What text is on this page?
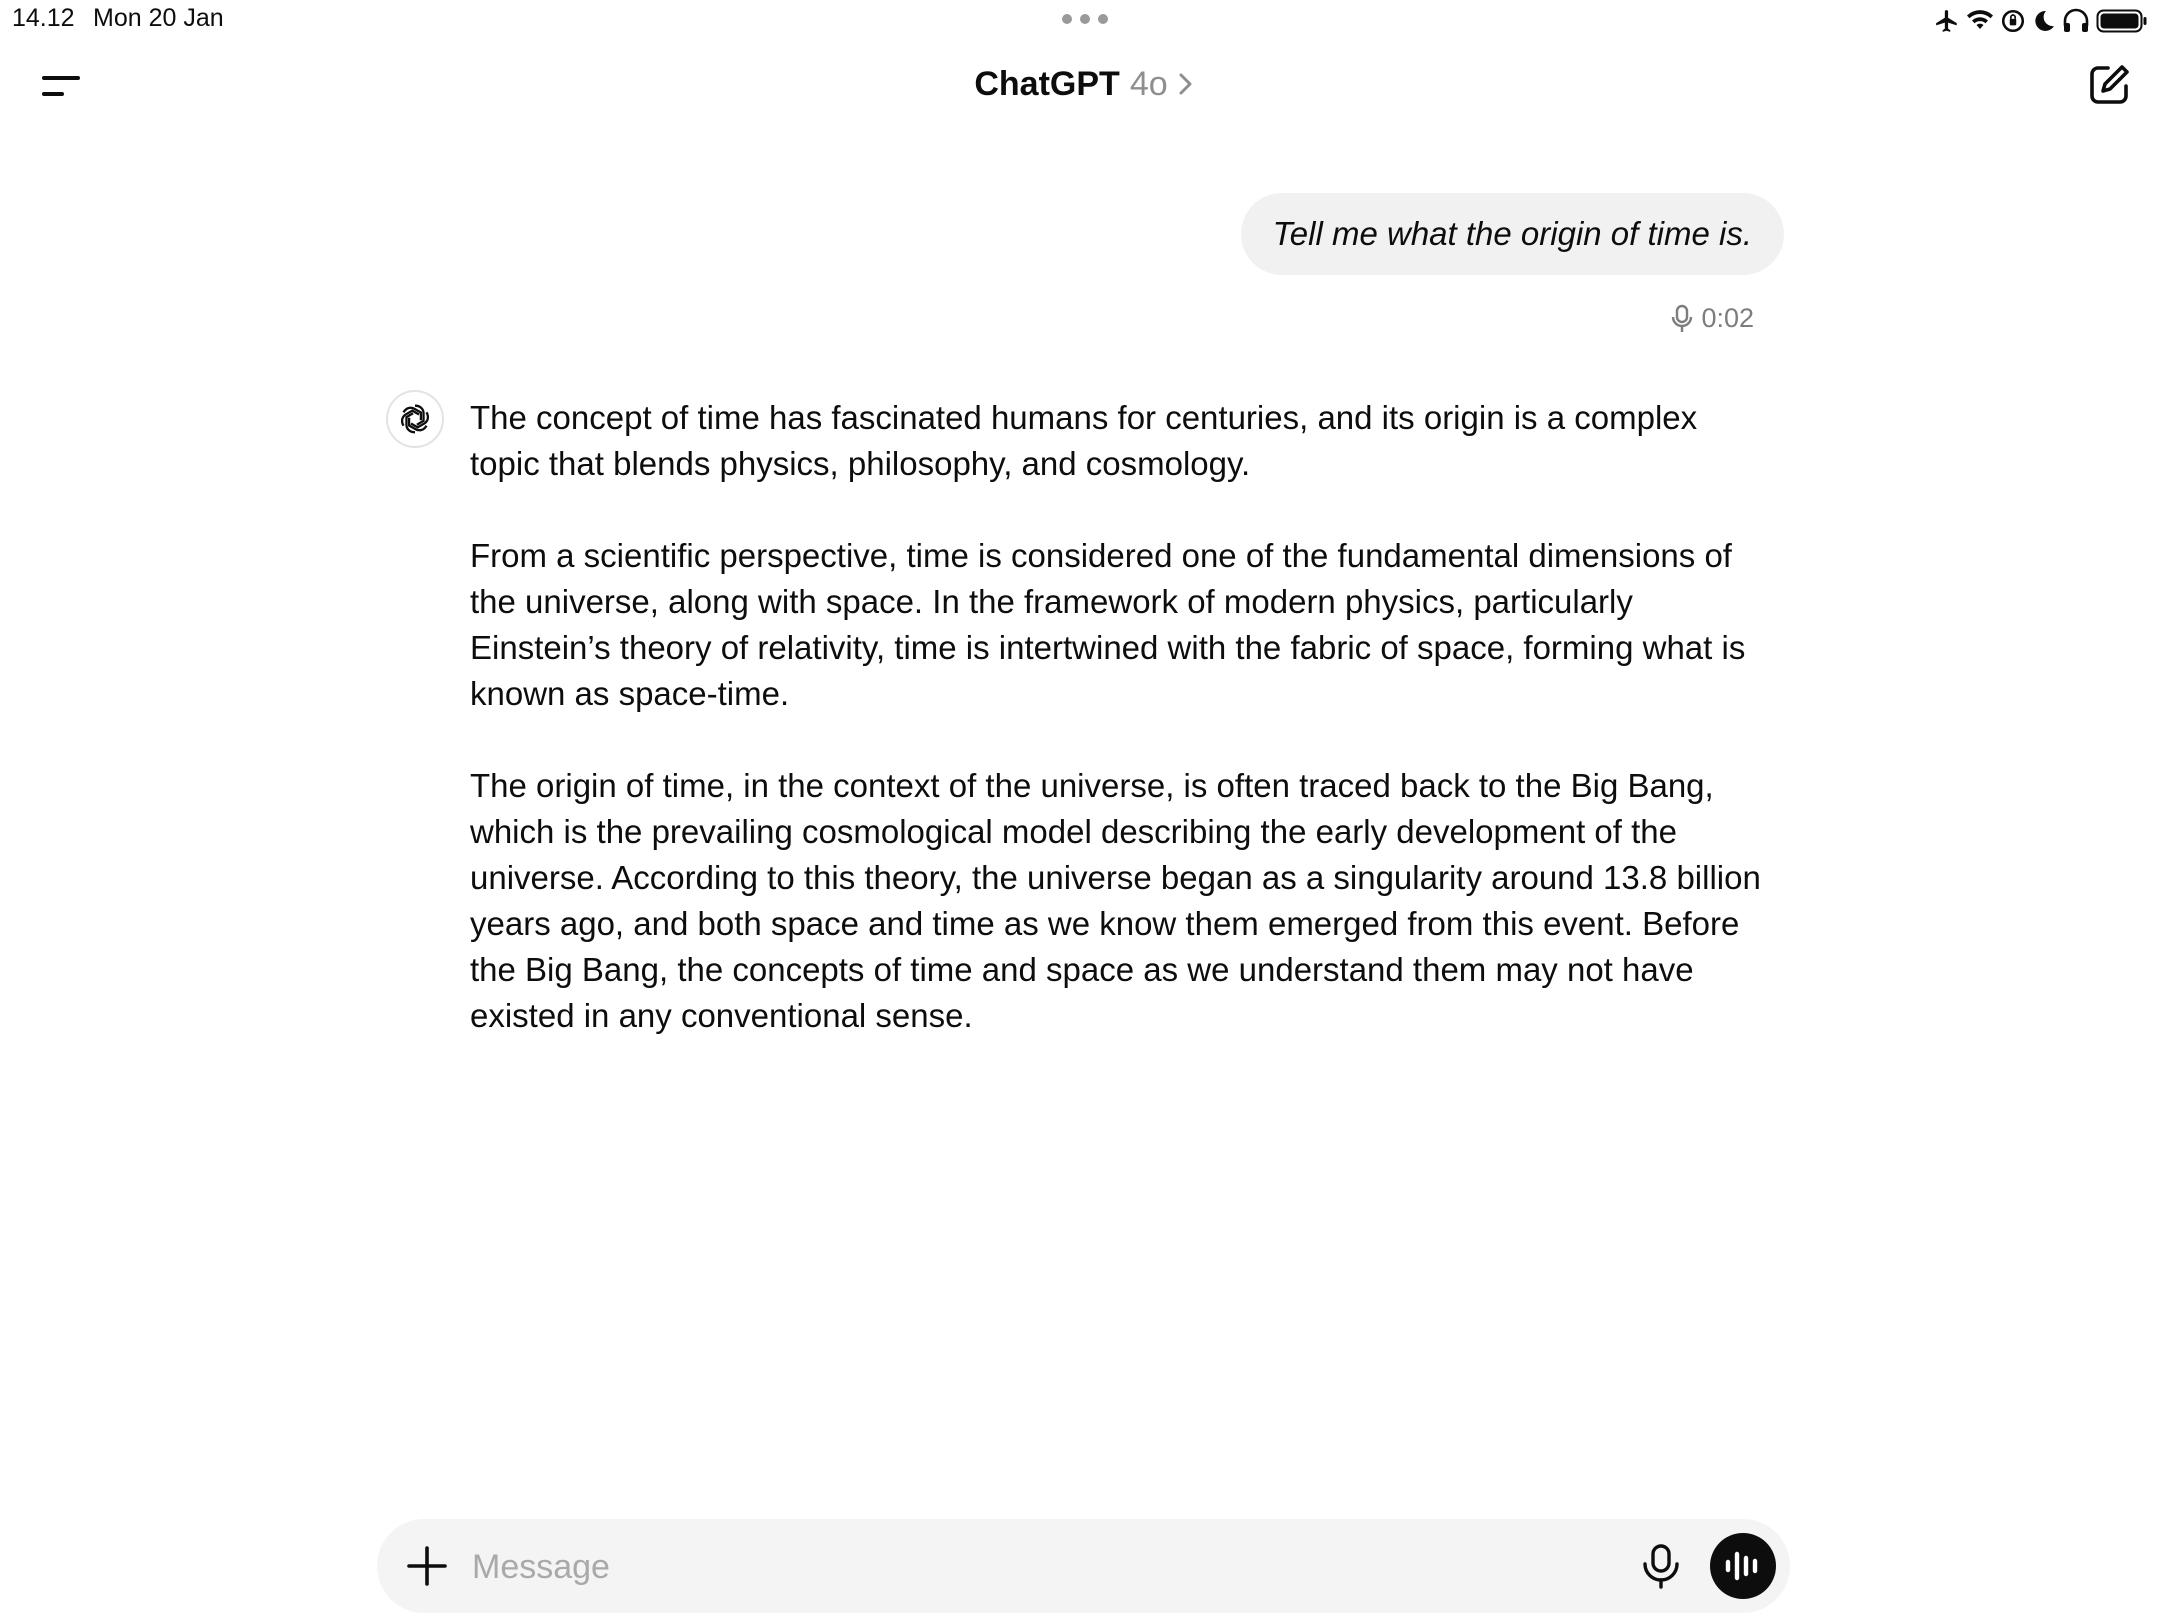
14.12 Mon 20 Jan
ChatGPT 4o
Tell me what the origin of time is.
0:02

The concept of time has fascinated humans for centuries, and its origin is a complex topic that blends physics, philosophy, and cosmology.

From a scientific perspective, time is considered one of the fundamental dimensions of the universe, along with space. In the framework of modern physics, particularly Einstein’s theory of relativity, time is intertwined with the fabric of space, forming what is known as space-time.

The origin of time, in the context of the universe, is often traced back to the Big Bang, which is the prevailing cosmological model describing the early development of the universe. According to this theory, the universe began as a singularity around 13.8 billion years ago, and both space and time as we know them emerged from this event. Before the Big Bang, the concepts of time and space as we understand them may not have existed in any conventional sense.

Message
